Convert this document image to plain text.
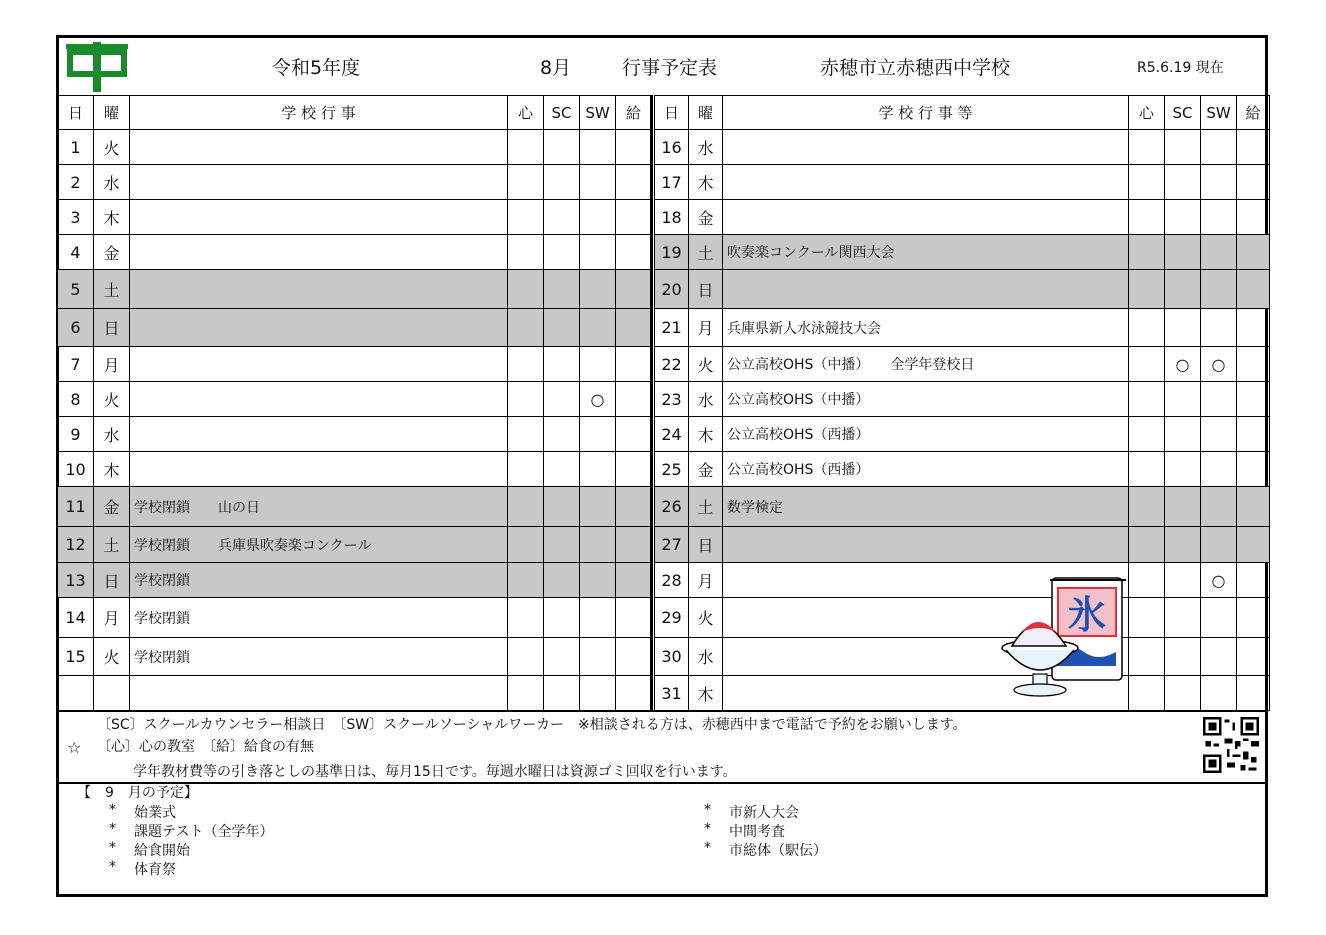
令和5年度	8月	行事予定表	赤穂市立赤穂西中学校	R5.6.19 現在
日	曜	学 校 行 事	心	SC	SW	給
1	火					
2	水					
3	木					
4	金					
5	土					
6	日					
7	月					
8	火				○	
9	水					
10	木					
11	金	学校閉鎖　　山の日				
12	土	学校閉鎖　　兵庫県吹奏楽コンクール				
13	日	学校閉鎖				
14	月	学校閉鎖				
15	火	学校閉鎖				

日	曜	学 校 行 事 等	心	SC	SW	給
16	水					
17	木					
18	金					
19	土	吹奏楽コンクール関西大会				
20	日					
21	月	兵庫県新人水泳競技大会				
22	火	公立高校OHS（中播）　　全学年登校日		○	○	
23	水	公立高校OHS（中播）				
24	木	公立高校OHS（西播）				
25	金	公立高校OHS（西播）				
26	土	数学検定				
27	日					
28	月				○	
29	火					
30	水					
31	木					
氷
〔SC〕スクールカウンセラー相談日　〔SW〕スクールソーシャルワーカー　※相談される方は、赤穂西中まで電話で予約をお願いします。
☆ 〔心〕心の教室　〔給〕給食の有無
学年教材費等の引き落としの基準日は、毎月15日です。毎週水曜日は資源ゴミ回収を行います。
【　9　月の予定】
* 始業式
* 課題テスト（全学年）
* 給食開始
* 体育祭
* 市新人大会
* 中間考査
* 市総体（駅伝）
